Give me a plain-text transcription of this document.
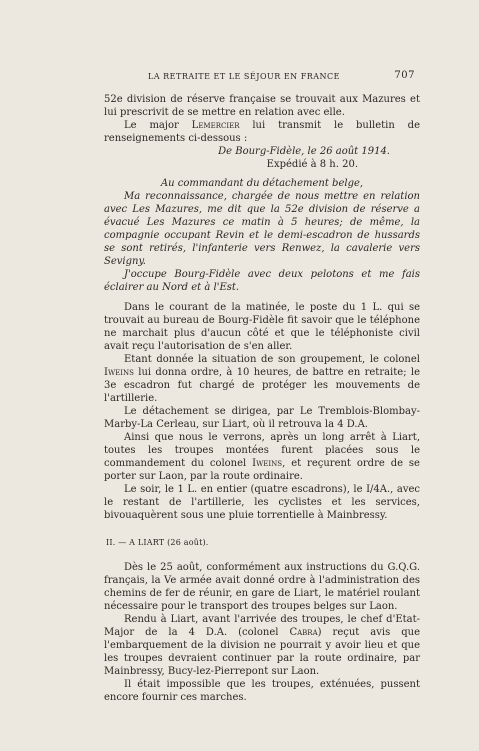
LA RETRAITE ET LE SÉJOUR EN FRANCE	707

52e division de réserve française se trouvait aux Mazures et lui prescrivit de se mettre en relation avec elle.

Le major Lemercier lui transmit le bulletin de renseignements ci-dessous :

De Bourg-Fidèle, le 26 août 1914.

Expédié à 8 h. 20.

Au commandant du détachement belge,

Ma reconnaissance, chargée de nous mettre en relation avec Les Mazures, me dit que la 52e division de réserve a évacué Les Mazures ce matin à 5 heures; de même, la compagnie occupant Revin et le demi-escadron de hussards se sont retirés, l'infanterie vers Renwez, la cavalerie vers Sevigny.

J'occupe Bourg-Fidèle avec deux pelotons et me fais éclairer au Nord et à l'Est.

Dans le courant de la matinée, le poste du 1 L. qui se trouvait au bureau de Bourg-Fidèle fit savoir que le téléphone ne marchait plus d'aucun côté et que le téléphoniste civil avait reçu l'autorisation de s'en aller.

Etant donnée la situation de son groupement, le colonel Iweins lui donna ordre, à 10 heures, de battre en retraite; le 3e escadron fut chargé de protéger les mouvements de l'artillerie.

Le détachement se dirigea, par Le Tremblois-Blombay-Marby-La Cerleau, sur Liart, où il retrouva la 4 D.A.

Ainsi que nous le verrons, après un long arrêt à Liart, toutes les troupes montées furent placées sous le commandement du colonel Iweins, et reçurent ordre de se porter sur Laon, par la route ordinaire.

Le soir, le 1 L. en entier (quatre escadrons), le I/4A., avec le restant de l'artillerie, les cyclistes et les services, bivouaquèrent sous une pluie torrentielle à Mainbressy.

II. — A LIART (26 août).

Dès le 25 août, conformément aux instructions du G.Q.G. français, la Ve armée avait donné ordre à l'administration des chemins de fer de réunir, en gare de Liart, le matériel roulant nécessaire pour le transport des troupes belges sur Laon.

Rendu à Liart, avant l'arrivée des troupes, le chef d'Etat-Major de la 4 D.A. (colonel Cabra) reçut avis que l'embarquement de la division ne pourrait y avoir lieu et que les troupes devraient continuer par la route ordinaire, par Mainbressy, Bucy-lez-Pierrepont sur Laon.

Il était impossible que les troupes, exténuées, pussent encore fournir ces marches.
